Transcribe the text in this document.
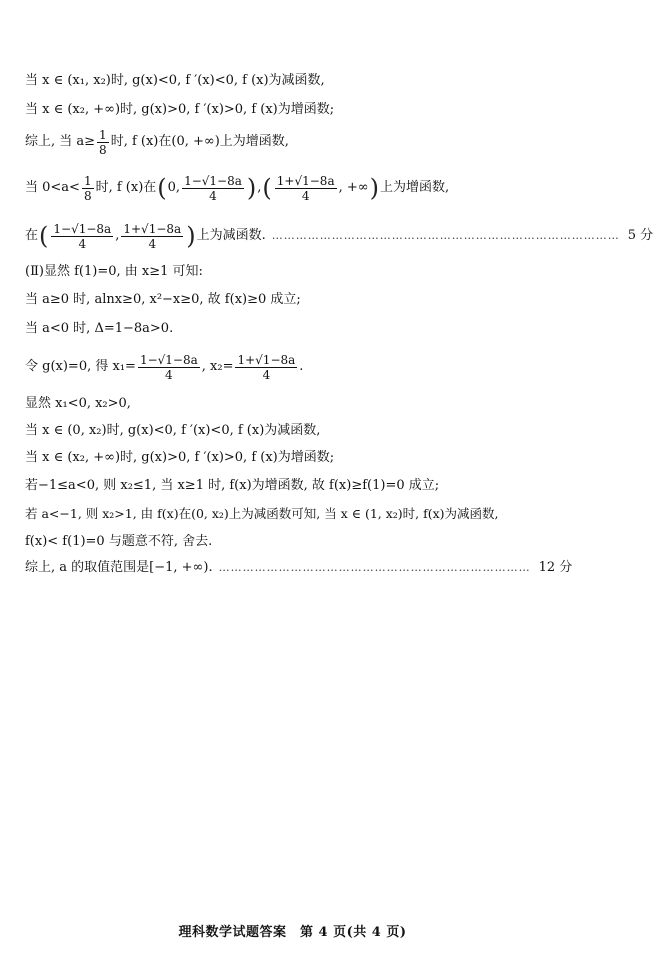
当 x ∈ (x₁, x₂)时, g(x)<0, f ′(x)<0, f (x)为减函数,
当 x ∈ (x₂, +∞)时, g(x)>0, f ′(x)>0, f (x)为增函数;
综上, 当 $a\ge \frac{1}{8}$ 时, f (x)在(0, +∞)上为增函数,
当 $0<a< \frac{1}{8}$ 时, f (x)在 ( 0, $\frac{1-√1-8a}{4}$ ) , ( $\frac{1+√1-8a}{4}$ , +∞ ) 上为增函数,
在 ( $\frac{1-√1-8a}{4}$ , $\frac{1+√1-8a}{4}$ ) 上为减函数. …………………………………………………………………………… 5 分
(Ⅱ)显然 f(1)=0, 由 x≥1 可知:
当 a≥0 时, alnx≥0, x²−x≥0, 故 f(x)≥0 成立;
当 a<0 时, Δ=1−8a>0.
令 g(x)=0, 得 $x_1= \frac{1-√1-8a}{4}$ , $x_2= \frac{1+√1-8a}{4}$ .
显然 x₁<0, x₂>0,
当 x ∈ (0, x₂)时, g(x)<0, f ′(x)<0, f (x)为减函数,
当 x ∈ (x₂, +∞)时, g(x)>0, f ′(x)>0, f (x)为增函数;
若−1≤a<0, 则 x₂≤1, 当 x≥1 时, f(x)为增函数, 故 f(x)≥f(1)=0 成立;
若 a<−1, 则 x₂>1, 由 f(x)在(0, x₂)上为减函数可知, 当 x ∈ (1, x₂)时, f(x)为减函数,
f(x)< f(1)=0 与题意不符, 舍去.
综上, a 的取值范围是[−1, +∞). …………………………………………………………………… 12 分
理科数学试题答案　第 4 页(共 4 页)
